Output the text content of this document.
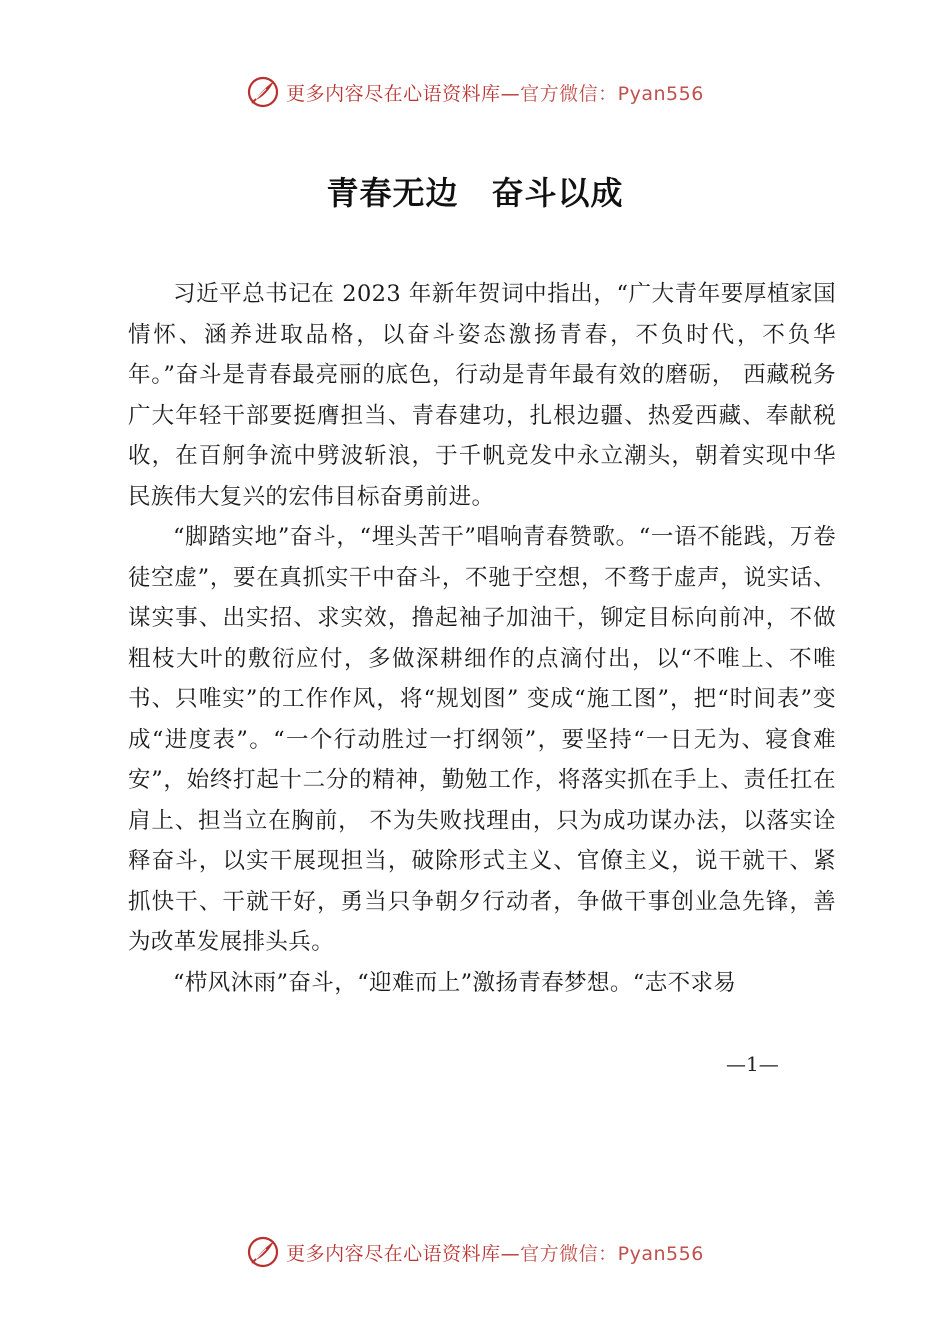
更多内容尽在心语资料库—官方微信：Pyan556
青春无边　奋斗以成

习近平总书记在 2023 年新年贺词中指出，“广大青年要厚植家国情怀、涵养进取品格，以奋斗姿态激扬青春，不负时代，不负华年。”奋斗是青春最亮丽的底色，行动是青年最有效的磨砺， 西藏税务广大年轻干部要挺膺担当、青春建功，扎根边疆、热爱西藏、奉献税收，在百舸争流中劈波斩浪，于千帆竞发中永立潮头，朝着实现中华民族伟大复兴的宏伟目标奋勇前进。

“脚踏实地”奋斗，“埋头苦干”唱响青春赞歌。“一语不能践，万卷徒空虚”，要在真抓实干中奋斗，不驰于空想，不骛于虚声，说实话、谋实事、出实招、求实效，撸起袖子加油干，铆定目标向前冲，不做粗枝大叶的敷衍应付，多做深耕细作的点滴付出，以“不唯上、不唯书、只唯实”的工作作风，将“规划图” 变成“施工图”，把“时间表”变成“进度表”。“一个行动胜过一打纲领”，要坚持“一日无为、寝食难安”，始终打起十二分的精神，勤勉工作，将落实抓在手上、责任扛在肩上、担当立在胸前， 不为失败找理由，只为成功谋办法，以落实诠释奋斗，以实干展现担当，破除形式主义、官僚主义，说干就干、紧抓快干、干就干好，勇当只争朝夕行动者，争做干事创业急先锋，善为改革发展排头兵。

“栉风沐雨”奋斗，“迎难而上”激扬青春梦想。“志不求易

—1—
更多内容尽在心语资料库—官方微信：Pyan556
